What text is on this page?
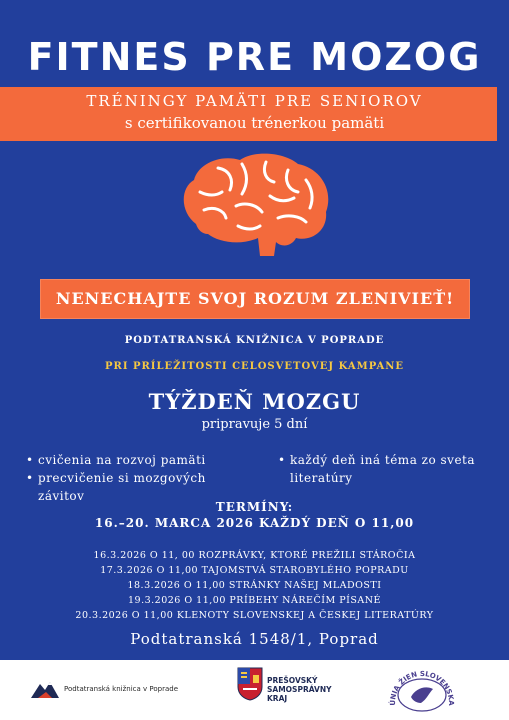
FITNES PRE MOZOG
TRÉNINGY PAMÄTI PRE SENIOROV
s certifikovanou trénerkou pamäti
NENECHAJTE SVOJ ROZUM ZLENIVIEŤ!
PODTATRANSKÁ KNIŽNICA V POPRADE
PRI PRÍLEŽITOSTI CELOSVETOVEJ KAMPANE
TÝŽDEŇ MOZGU
pripravuje 5 dní
• cvičenia na rozvoj pamäti
• precvičenie si mozgových závitov
• každý deň iná téma zo sveta literatúry
TERMÍNY:
16.–20. MARCA 2026 KAŽDÝ DEŇ O 11,00
16.3.2026 O 11, 00 ROZPRÁVKY, KTORÉ PREŽILI STÁROČIA
17.3.2026 O 11,00 TAJOMSTVÁ STAROBYLÉHO POPRADU
18.3.2026 O 11,00 STRÁNKY NAŠEJ MLADOSTI
19.3.2026 O 11,00 PRÍBEHY NÁREČÍM PÍSANÉ
20.3.2026 O 11,00 KLENOTY SLOVENSKEJ A ČESKEJ LITERATÚRY
Podtatranská 1548/1, Poprad
Podtatranská knižnica v Poprade
PREŠOVSKÝ
SAMOSPRÁVNY
KRAJ	ÚNIA ŽIEN SLOVENSKA
